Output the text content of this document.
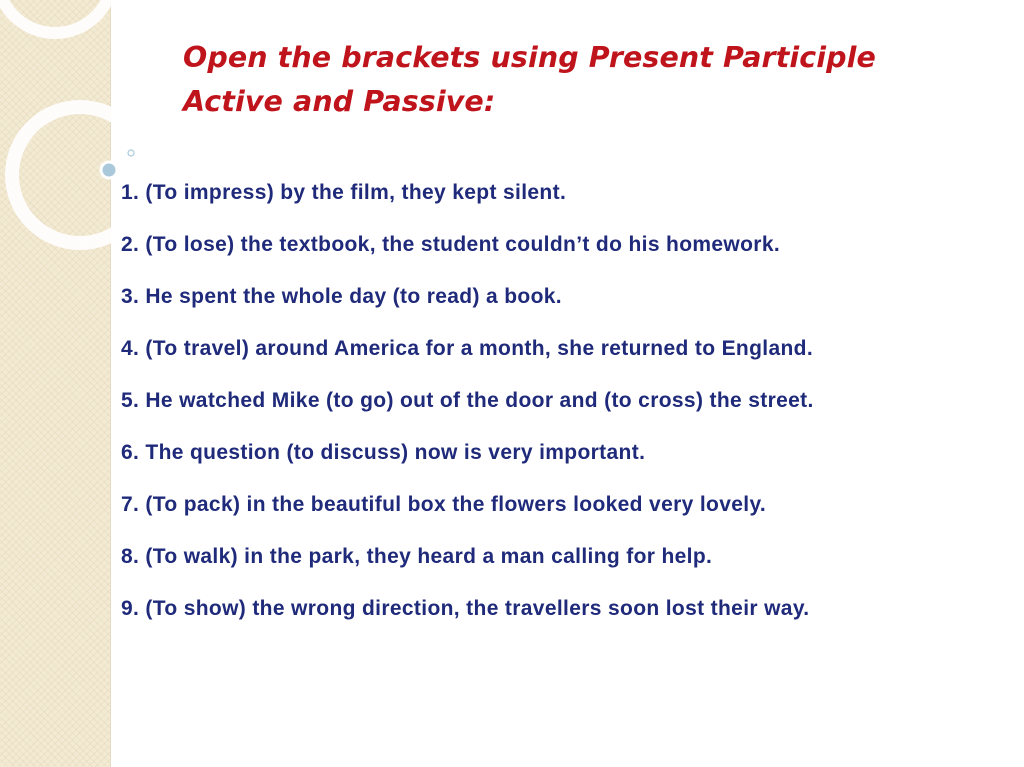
Open the brackets using Present Participle
Active and Passive:
1. (To impress) by the film, they kept silent.
2. (To lose) the textbook, the student couldn’t do his homework.
3. He spent the whole day (to read) a book.
4. (To travel) around America for a month, she returned to England.
5. He watched Mike (to go) out of the door and (to cross) the street.
6. The question (to discuss) now is very important.
7. (To pack) in the beautiful box the flowers looked very lovely.
8. (To walk) in the park, they heard a man calling for help.
9. (To show) the wrong direction, the travellers soon lost their way.
